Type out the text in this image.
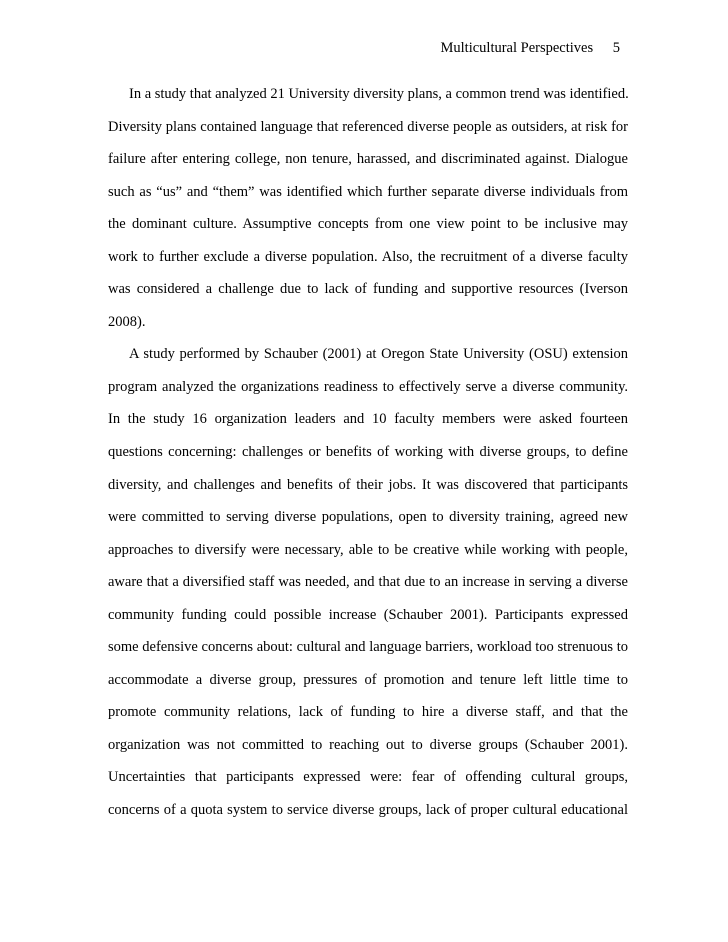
Multicultural Perspectives 5
In a study that analyzed 21 University diversity plans, a common trend was identified.
Diversity plans contained language that referenced diverse people as outsiders, at risk for
failure after entering college, non tenure, harassed, and discriminated against. Dialogue
such as “us” and “them” was identified which further separate diverse individuals from
the dominant culture. Assumptive concepts from one view point to be inclusive may
work to further exclude a diverse population. Also, the recruitment of a diverse faculty
was considered a challenge due to lack of funding and supportive resources (Iverson
2008).
A study performed by Schauber (2001) at Oregon State University (OSU) extension
program analyzed the organizations readiness to effectively serve a diverse community.
In the study 16 organization leaders and 10 faculty members were asked fourteen
questions concerning: challenges or benefits of working with diverse groups, to define
diversity, and challenges and benefits of their jobs. It was discovered that participants
were committed to serving diverse populations, open to diversity training, agreed new
approaches to diversify were necessary, able to be creative while working with people,
aware that a diversified staff was needed, and that due to an increase in serving a diverse
community funding could possible increase (Schauber 2001). Participants expressed
some defensive concerns about: cultural and language barriers, workload too strenuous to
accommodate a diverse group, pressures of promotion and tenure left little time to
promote community relations, lack of funding to hire a diverse staff, and that the
organization was not committed to reaching out to diverse groups (Schauber 2001).
Uncertainties that participants expressed were: fear of offending cultural groups,
concerns of a quota system to service diverse groups, lack of proper cultural educational
